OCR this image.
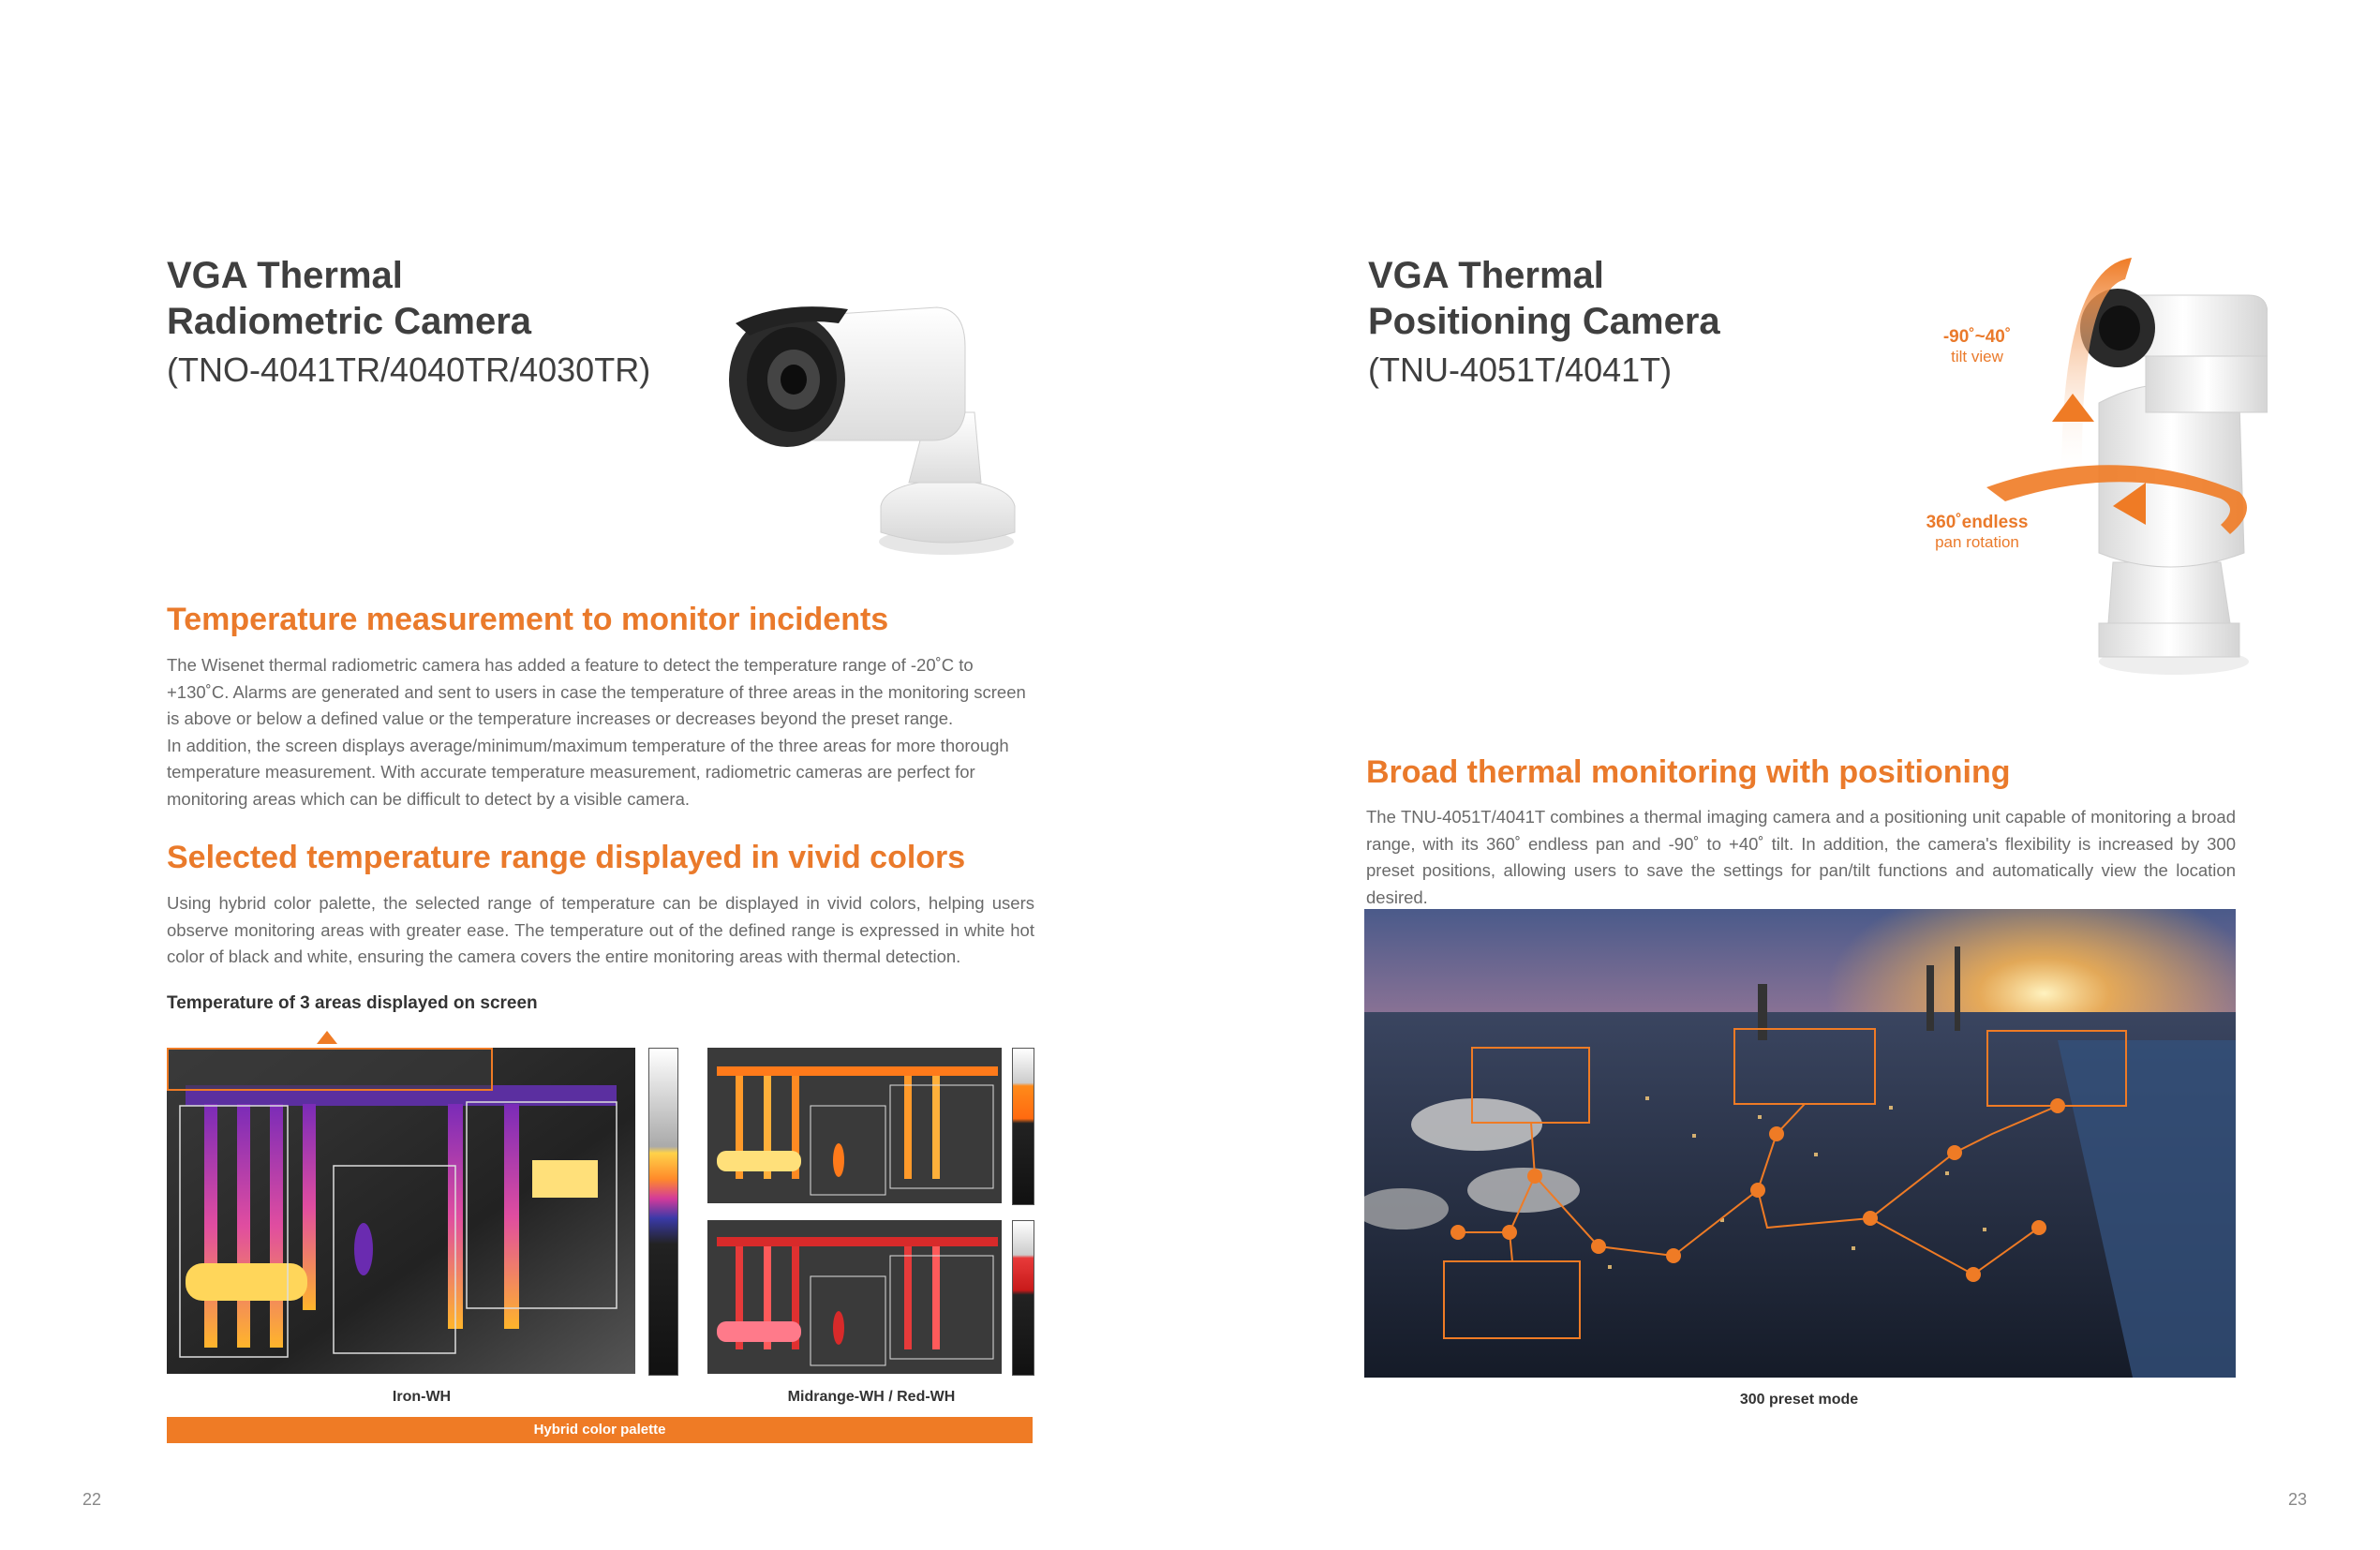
VGA Thermal
Radiometric Camera

(TNO-4041TR/4040TR/4030TR)

Temperature measurement to monitor incidents

The Wisenet thermal radiometric camera has added a feature to detect the temperature range of -20˚C to +130˚C. Alarms are generated and sent to users in case the temperature of three areas in the monitoring screen is above or below a defined value or the temperature increases or decreases beyond the preset range.

In addition, the screen displays average/minimum/maximum temperature of the three areas for more thorough temperature measurement. With accurate temperature measurement, radiometric cameras are perfect for monitoring areas which can be difficult to detect by a visible camera.

Selected temperature range displayed in vivid colors

Using hybrid color palette, the selected range of temperature can be displayed in vivid colors, helping users observe monitoring areas with greater ease. The temperature out of the defined range is expressed in white hot color of black and white, ensuring the camera covers the entire monitoring areas with thermal detection.

Temperature of 3 areas displayed on screen
Iron-WH	Midrange-WH / Red-WH
Hybrid color palette
22
VGA Thermal
Positioning Camera

(TNU-4051T/4041T)

-90˚~40˚
tilt view
360˚endless
pan rotation
Broad thermal monitoring with positioning

The TNU-4051T/4041T combines a thermal imaging camera and a positioning unit capable of monitoring a broad range, with its 360˚ endless pan and -90˚ to +40˚ tilt. In addition, the camera's flexibility is increased by 300 preset positions, allowing users to save the settings for pan/tilt functions and automatically view the location desired.

300 preset mode
23
